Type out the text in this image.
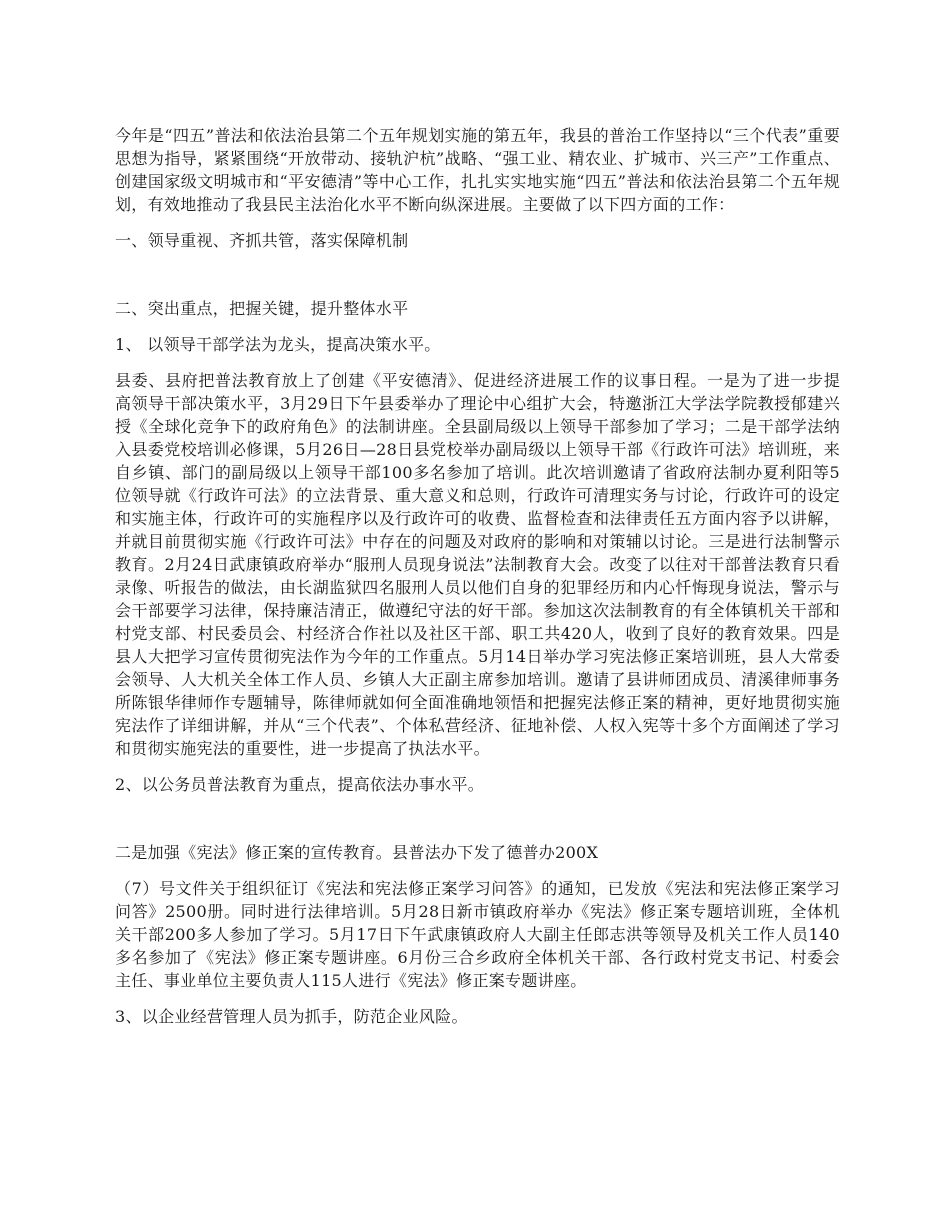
今年是“四五”普法和依法治县第二个五年规划实施的第五年，我县的普治工作坚持以“三个代表”重要思想为指导，紧紧围绕“开放带动、接轨沪杭”战略、“强工业、精农业、扩城市、兴三产”工作重点、创建国家级文明城市和“平安德清”等中心工作，扎扎实实地实施“四五”普法和依法治县第二个五年规划，有效地推动了我县民主法治化水平不断向纵深进展。主要做了以下四方面的工作：

一、领导重视、齐抓共管，落实保障机制

二、突出重点，把握关键，提升整体水平

1、 以领导干部学法为龙头，提高决策水平。

县委、县府把普法教育放上了创建《平安德清》、促进经济进展工作的议事日程。一是为了进一步提高领导干部决策水平，3月29日下午县委举办了理论中心组扩大会，特邀浙江大学法学院教授郁建兴授《全球化竞争下的政府角色》的法制讲座。全县副局级以上领导干部参加了学习；二是干部学法纳入县委党校培训必修课，5月26日—28日县党校举办副局级以上领导干部《行政许可法》培训班，来自乡镇、部门的副局级以上领导干部100多名参加了培训。此次培训邀请了省政府法制办夏利阳等5位领导就《行政许可法》的立法背景、重大意义和总则，行政许可清理实务与讨论，行政许可的设定和实施主体，行政许可的实施程序以及行政许可的收费、监督检查和法律责任五方面内容予以讲解，并就目前贯彻实施《行政许可法》中存在的问题及对政府的影响和对策辅以讨论。三是进行法制警示教育。2月24日武康镇政府举办“服刑人员现身说法”法制教育大会。改变了以往对干部普法教育只看录像、听报告的做法，由长湖监狱四名服刑人员以他们自身的犯罪经历和内心忏悔现身说法，警示与会干部要学习法律，保持廉洁清正，做遵纪守法的好干部。参加这次法制教育的有全体镇机关干部和村党支部、村民委员会、村经济合作社以及社区干部、职工共420人，收到了良好的教育效果。四是县人大把学习宣传贯彻宪法作为今年的工作重点。5月14日举办学习宪法修正案培训班，县人大常委会领导、人大机关全体工作人员、乡镇人大正副主席参加培训。邀请了县讲师团成员、清溪律师事务所陈银华律师作专题辅导，陈律师就如何全面准确地领悟和把握宪法修正案的精神，更好地贯彻实施宪法作了详细讲解，并从“三个代表”、个体私营经济、征地补偿、人权入宪等十多个方面阐述了学习和贯彻实施宪法的重要性，进一步提高了执法水平。

2、以公务员普法教育为重点，提高依法办事水平。

二是加强《宪法》修正案的宣传教育。县普法办下发了德普办200X

（7）号文件关于组织征订《宪法和宪法修正案学习问答》的通知，已发放《宪法和宪法修正案学习问答》2500册。同时进行法律培训。5月28日新市镇政府举办《宪法》修正案专题培训班，全体机关干部200多人参加了学习。5月17日下午武康镇政府人大副主任郎志洪等领导及机关工作人员140多名参加了《宪法》修正案专题讲座。6月份三合乡政府全体机关干部、各行政村党支书记、村委会主任、事业单位主要负责人115人进行《宪法》修正案专题讲座。

3、以企业经营管理人员为抓手，防范企业风险。
